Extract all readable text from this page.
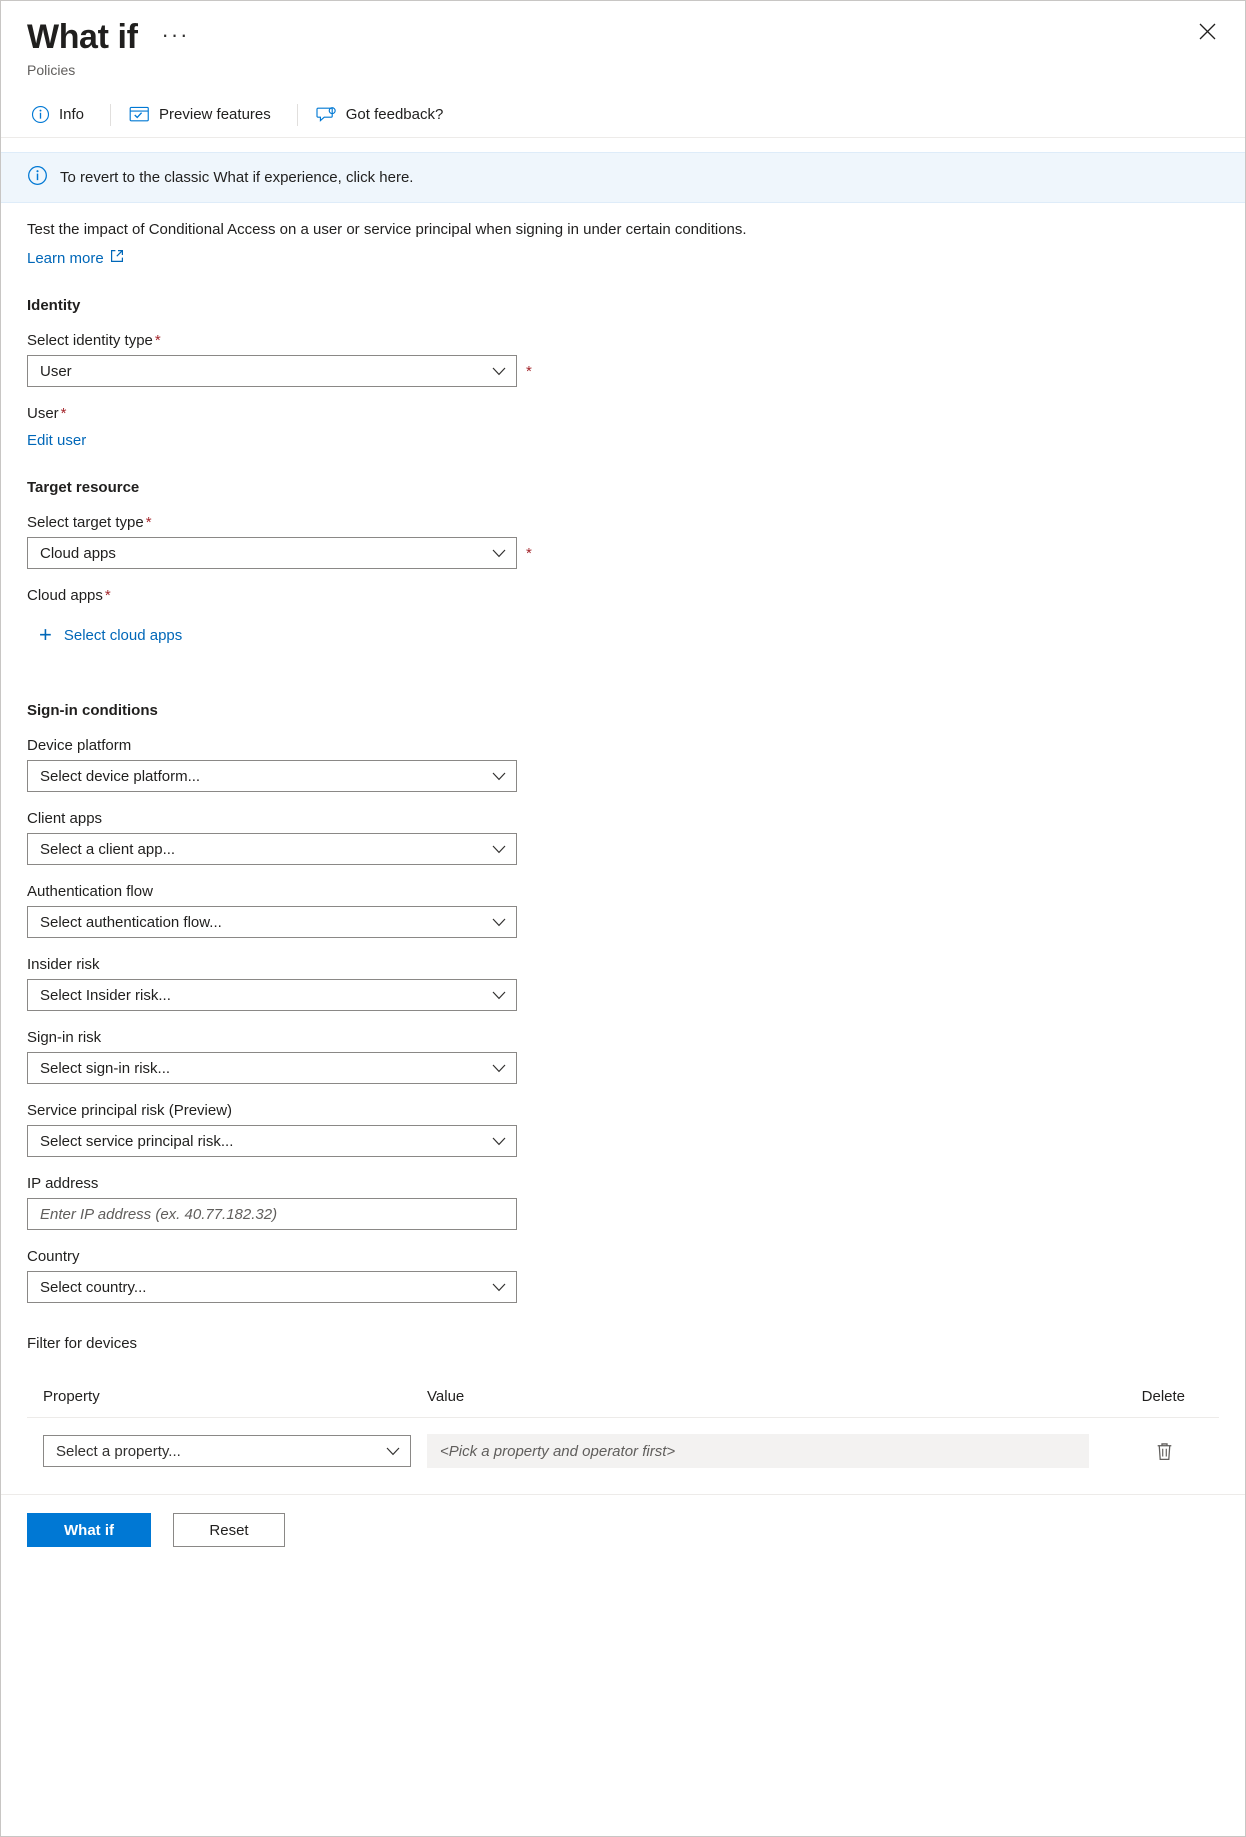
What if ···
Policies
Info	Preview features	Got feedback?
To revert to the classic What if experience, click here.
Test the impact of Conditional Access on a user or service principal when signing in under certain conditions.
Learn more
Identity
Select identity type *
User	*
User *
Edit user
Target resource
Select target type *
Cloud apps	*
Cloud apps *
+ Select cloud apps
Sign-in conditions
Device platform
Select device platform...
Client apps
Select a client app...
Authentication flow
Select authentication flow...
Insider risk
Select Insider risk...
Sign-in risk
Select sign-in risk...
Service principal risk (Preview)
Select service principal risk...
IP address
Enter IP address (ex. 40.77.182.32)
Country
Select country...
Filter for devices
Property	Value	Delete
Select a property...	<Pick a property and operator first>
What if	Reset
